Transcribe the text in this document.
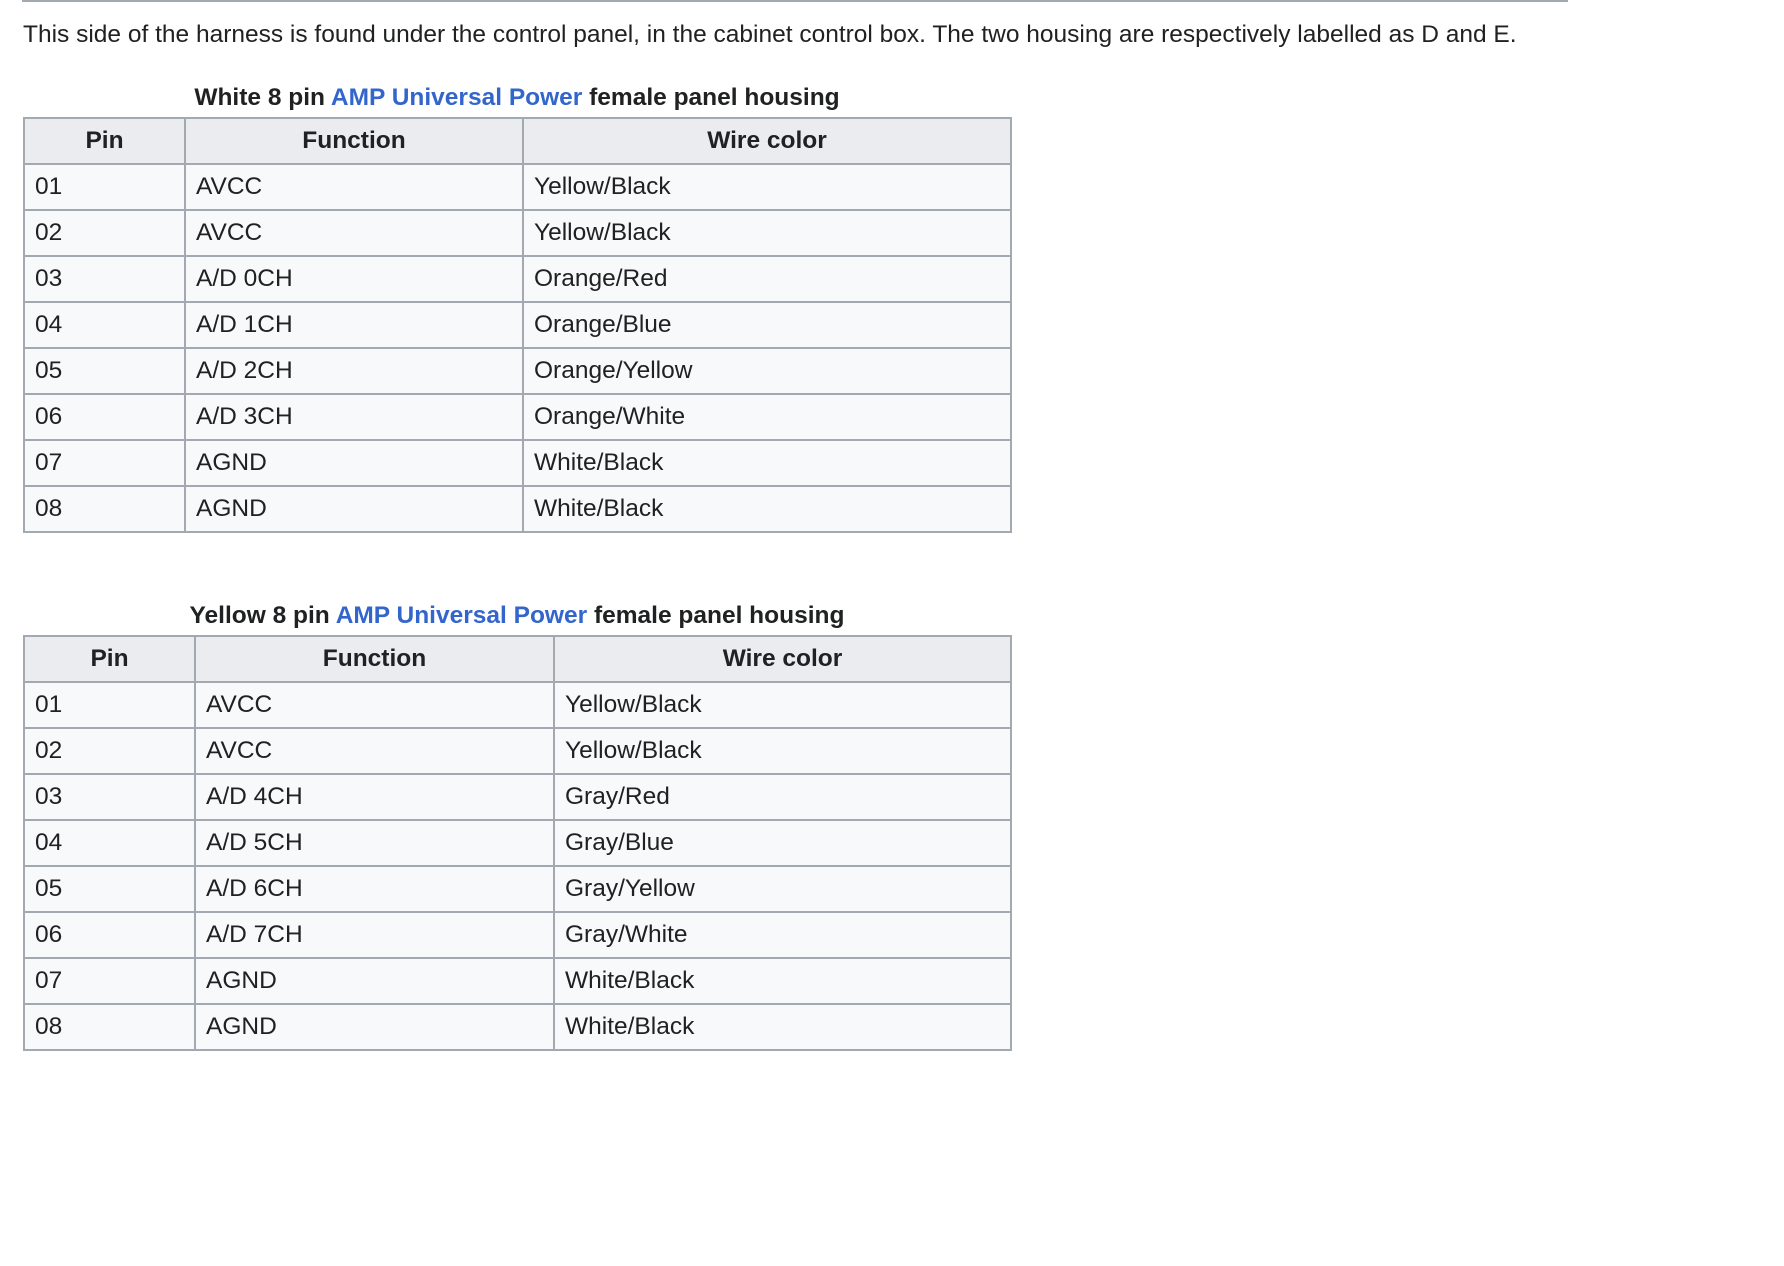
This side of the harness is found under the control panel, in the cabinet control box. The two housing are respectively labelled as D and E.

White 8 pin AMP Universal Power female panel housing
Pin	Function	Wire color
01	AVCC	Yellow/Black
02	AVCC	Yellow/Black
03	A/D 0CH	Orange/Red
04	A/D 1CH	Orange/Blue
05	A/D 2CH	Orange/Yellow
06	A/D 3CH	Orange/White
07	AGND	White/Black
08	AGND	White/Black
Yellow 8 pin AMP Universal Power female panel housing
Pin	Function	Wire color
01	AVCC	Yellow/Black
02	AVCC	Yellow/Black
03	A/D 4CH	Gray/Red
04	A/D 5CH	Gray/Blue
05	A/D 6CH	Gray/Yellow
06	A/D 7CH	Gray/White
07	AGND	White/Black
08	AGND	White/Black
